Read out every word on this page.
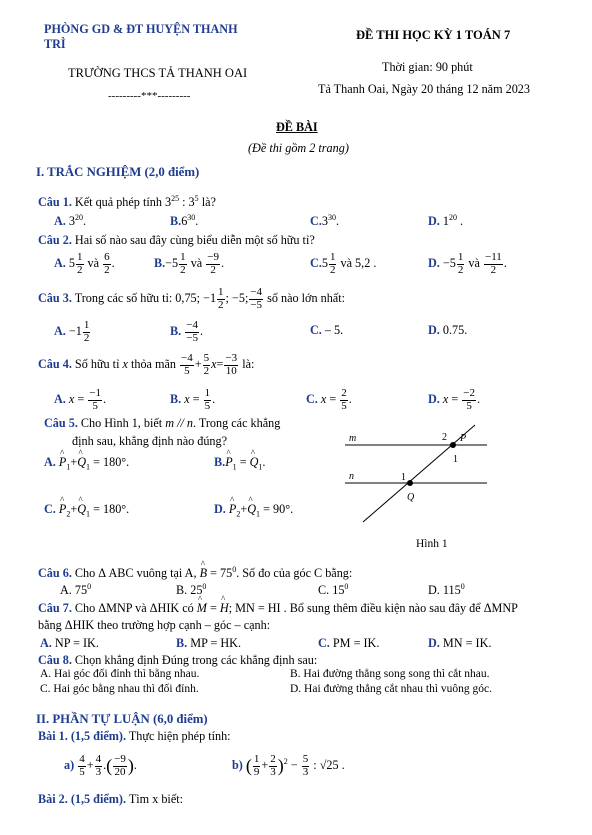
PHÒNG GD & ĐT HUYỆN THANH
TRÌ
TRƯỜNG THCS TẢ THANH OAI
---------***---------
ĐỀ THI HỌC KỲ 1 TOÁN 7
Thời gian: 90 phút
Tả Thanh Oai, Ngày 20 tháng 12 năm 2023
ĐỀ BÀI
(Đề thi gồm 2 trang)
I. TRẮC NGHIỆM (2,0 điểm)
Câu 1. Kết quả phép tính $3^{25}$ : $3^5$ là?
A. $3^{20}$.	$B.6^{30}$.	$C.3^{30}$.	D. $1^{20}$ .
Câu 2. Hai số nào sau đây cùng biểu diễn một số hữu tỉ?
A. $5 \frac{1}{2}$ và $\frac{6}{2}$ .	$B.-5 \frac{1}{2}$ và $\frac{-9}{2}$ .	$C.5 \frac{1}{2}$ và 5,2 .	D. $-5 \frac{1}{2}$ và $\frac{-11}{2}$ .
Câu 3. Trong các số hữu tỉ: 0,75; $-1 \frac{1}{2}$ ; −5; $\frac{-4}{-5}$ số nào lớn nhất:
A. $-1 \frac{1}{2}$	B. $\frac{-4}{-5}$ .	C. – 5.	D. 0.75.
Câu 4. Số hữu tỉ x thỏa mãn $\frac{-4}{5} + \frac{5}{2} x= \frac{-3}{10}$ là:
A. $x = \frac{-1}{5}$ .	B. $x = \frac{1}{5}$ .	C. $x = \frac{2}{5}$ .	D. $x = \frac{-2}{5}$ .
Câu 5. Cho Hình 1, biết m // n. Trong các khẳng
định sau, khẳng định nào đúng?
A. ^ $P_1+\^{}$ $Q_1 = 180^\circ$.	B.^ $P_1$ = ^ $Q_1$.
C. ^ $P_2+\^{}$ $Q_1 = 180^\circ$.	D. ^ $P_2+\^{}$ $Q_1 = 90^\circ$.
m
n
P
Q
2
1
1
Hình 1
Câu 6. Cho Δ ABC vuông tại A, ^ $B = 75^0$. Số đo của góc C bằng:
A. $75^0$	B. $25^0$	C. $15^0$	D. $115^0$
Câu 7. Cho ΔMNP và ΔHIK có ^ M = ^ H; MN = HI . Bổ sung thêm điều kiện nào sau đây để ΔMNP
bằng ΔHIK theo trường hợp cạnh – góc – cạnh:
A. NP = IK.	B. MP = HK.	C. PM = IK.	D. MN = IK.
Câu 8. Chọn khẳng định Đúng trong các khẳng định sau:
A. Hai góc đối đỉnh thì bằng nhau.	B. Hai đường thẳng song song thì cắt nhau.
C. Hai góc bằng nhau thì đối đỉnh.	D. Hai đường thẳng cắt nhau thì vuông góc.
II. PHẦN TỰ LUẬN (6,0 điểm)
Bài 1. (1,5 điểm). Thực hiện phép tính:
$a) \frac{4}{5} + \frac{4}{3}$ .( $\frac{-9}{20}$ ).	b) ( $\frac{1}{9} + \frac{2}{3} )^2 - \frac{5}{3}$ : √25 .
Bài 2. (1,5 điểm). Tìm x biết:
